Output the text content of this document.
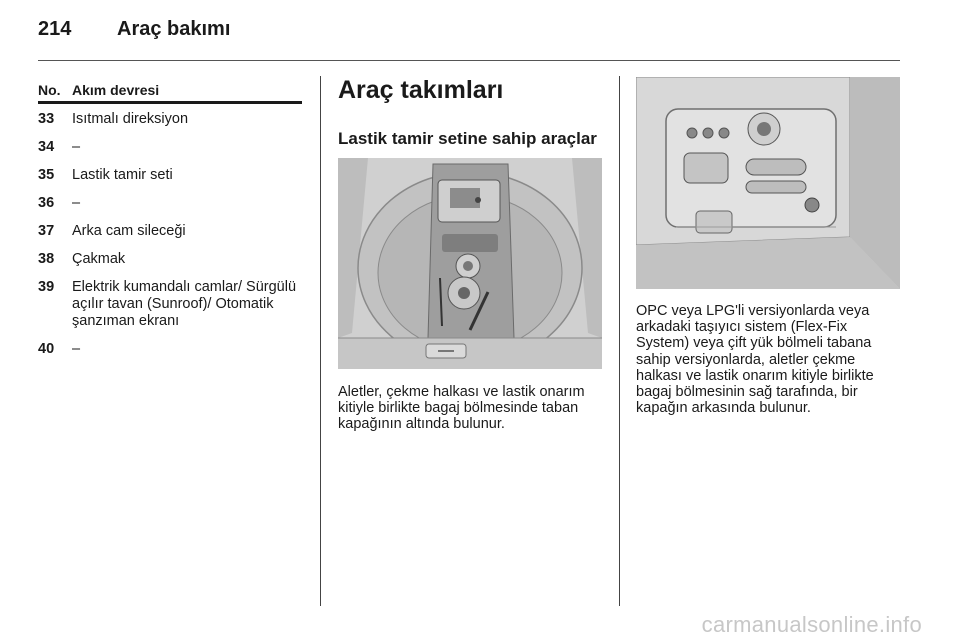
214 Araç bakımı
No. Akım devresi
33 Isıtmalı direksiyon
34 –
35 Lastik tamir seti
36 –
37 Arka cam sileceği
38 Çakmak
39 Elektrik kumandalı camlar/ Sürgülü açılır tavan (Sunroof)/ Otomatik şanzıman ekranı
40 –
Araç takımları
Lastik tamir setine sahip araçlar
Aletler, çekme halkası ve lastik onarım kitiyle birlikte bagaj bölmesinde taban kapağının altında bulunur.
OPC veya LPG'li versiyonlarda veya arkadaki taşıyıcı sistem (Flex-Fix System) veya çift yük bölmeli tabana sahip versiyonlarda, aletler çekme halkası ve lastik onarım kitiyle birlikte bagaj bölmesinin sağ tarafında, bir kapağın arkasında bulunur.
carmanualsonline.info
